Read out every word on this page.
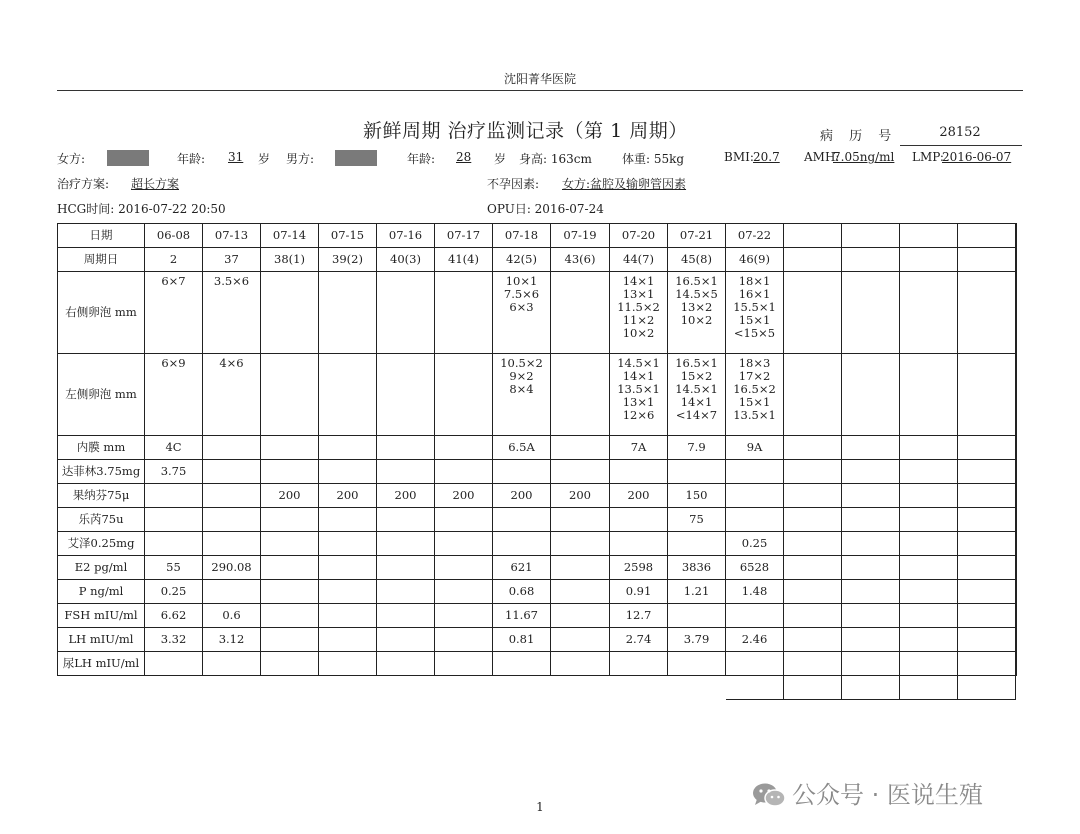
沈阳菁华医院
新鲜周期 治疗监测记录（第 1 周期）	病 历 号	28152
女方:	年龄: 31 岁 男方:	年龄: 28 岁 身高: 163cm	体重: 55kg	BMI: 20.7 AMH:
7.05ng/ml LMP:
2016-06-07
治疗方案: 超长方案	不孕因素: 女方:盆腔及输卵管因素
HCG时间: 2016-07-22 20:50	OPU日: 2016-07-24
日期	06-08	07-13	07-14	07-15	07-16	07-17	07-18	07-19	07-20	07-21	07-22					
周期日	2	37	38(1)	39(2)	40(3)	41(4)	42(5)	43(6)	44(7)	45(8)	46(9)					
右侧卵泡 mm	6×7	3.5×6					10×1
7.5×6
6×3		14×1
13×1
11.5×2
11×2
10×2	16.5×1
14.5×5
13×2
10×2	18×1
16×1
15.5×1
15×1
<15×5					
左侧卵泡 mm	6×9	4×6					10.5×2
9×2
8×4		14.5×1
14×1
13.5×1
13×1
12×6	16.5×1
15×2
14.5×1
14×1
<14×7	18×3
17×2
16.5×2
15×1
13.5×1					
内膜 mm	4C						6.5A		7A	7.9	9A					
达菲林3.75mg	3.75															
果纳芬75μ			200	200	200	200	200	200	200	150						
乐芮75u										75						
艾泽0.25mg											0.25					
E2 pg/ml	55	290.08					621		2598	3836	6528					
P ng/ml	0.25						0.68		0.91	1.21	1.48					
FSH mIU/ml	6.62	0.6					11.67		12.7							
LH mIU/ml	3.32	3.12					0.81		2.74	3.79	2.46					
尿LH mIU/ml																

1	公众号 · 医说生殖
